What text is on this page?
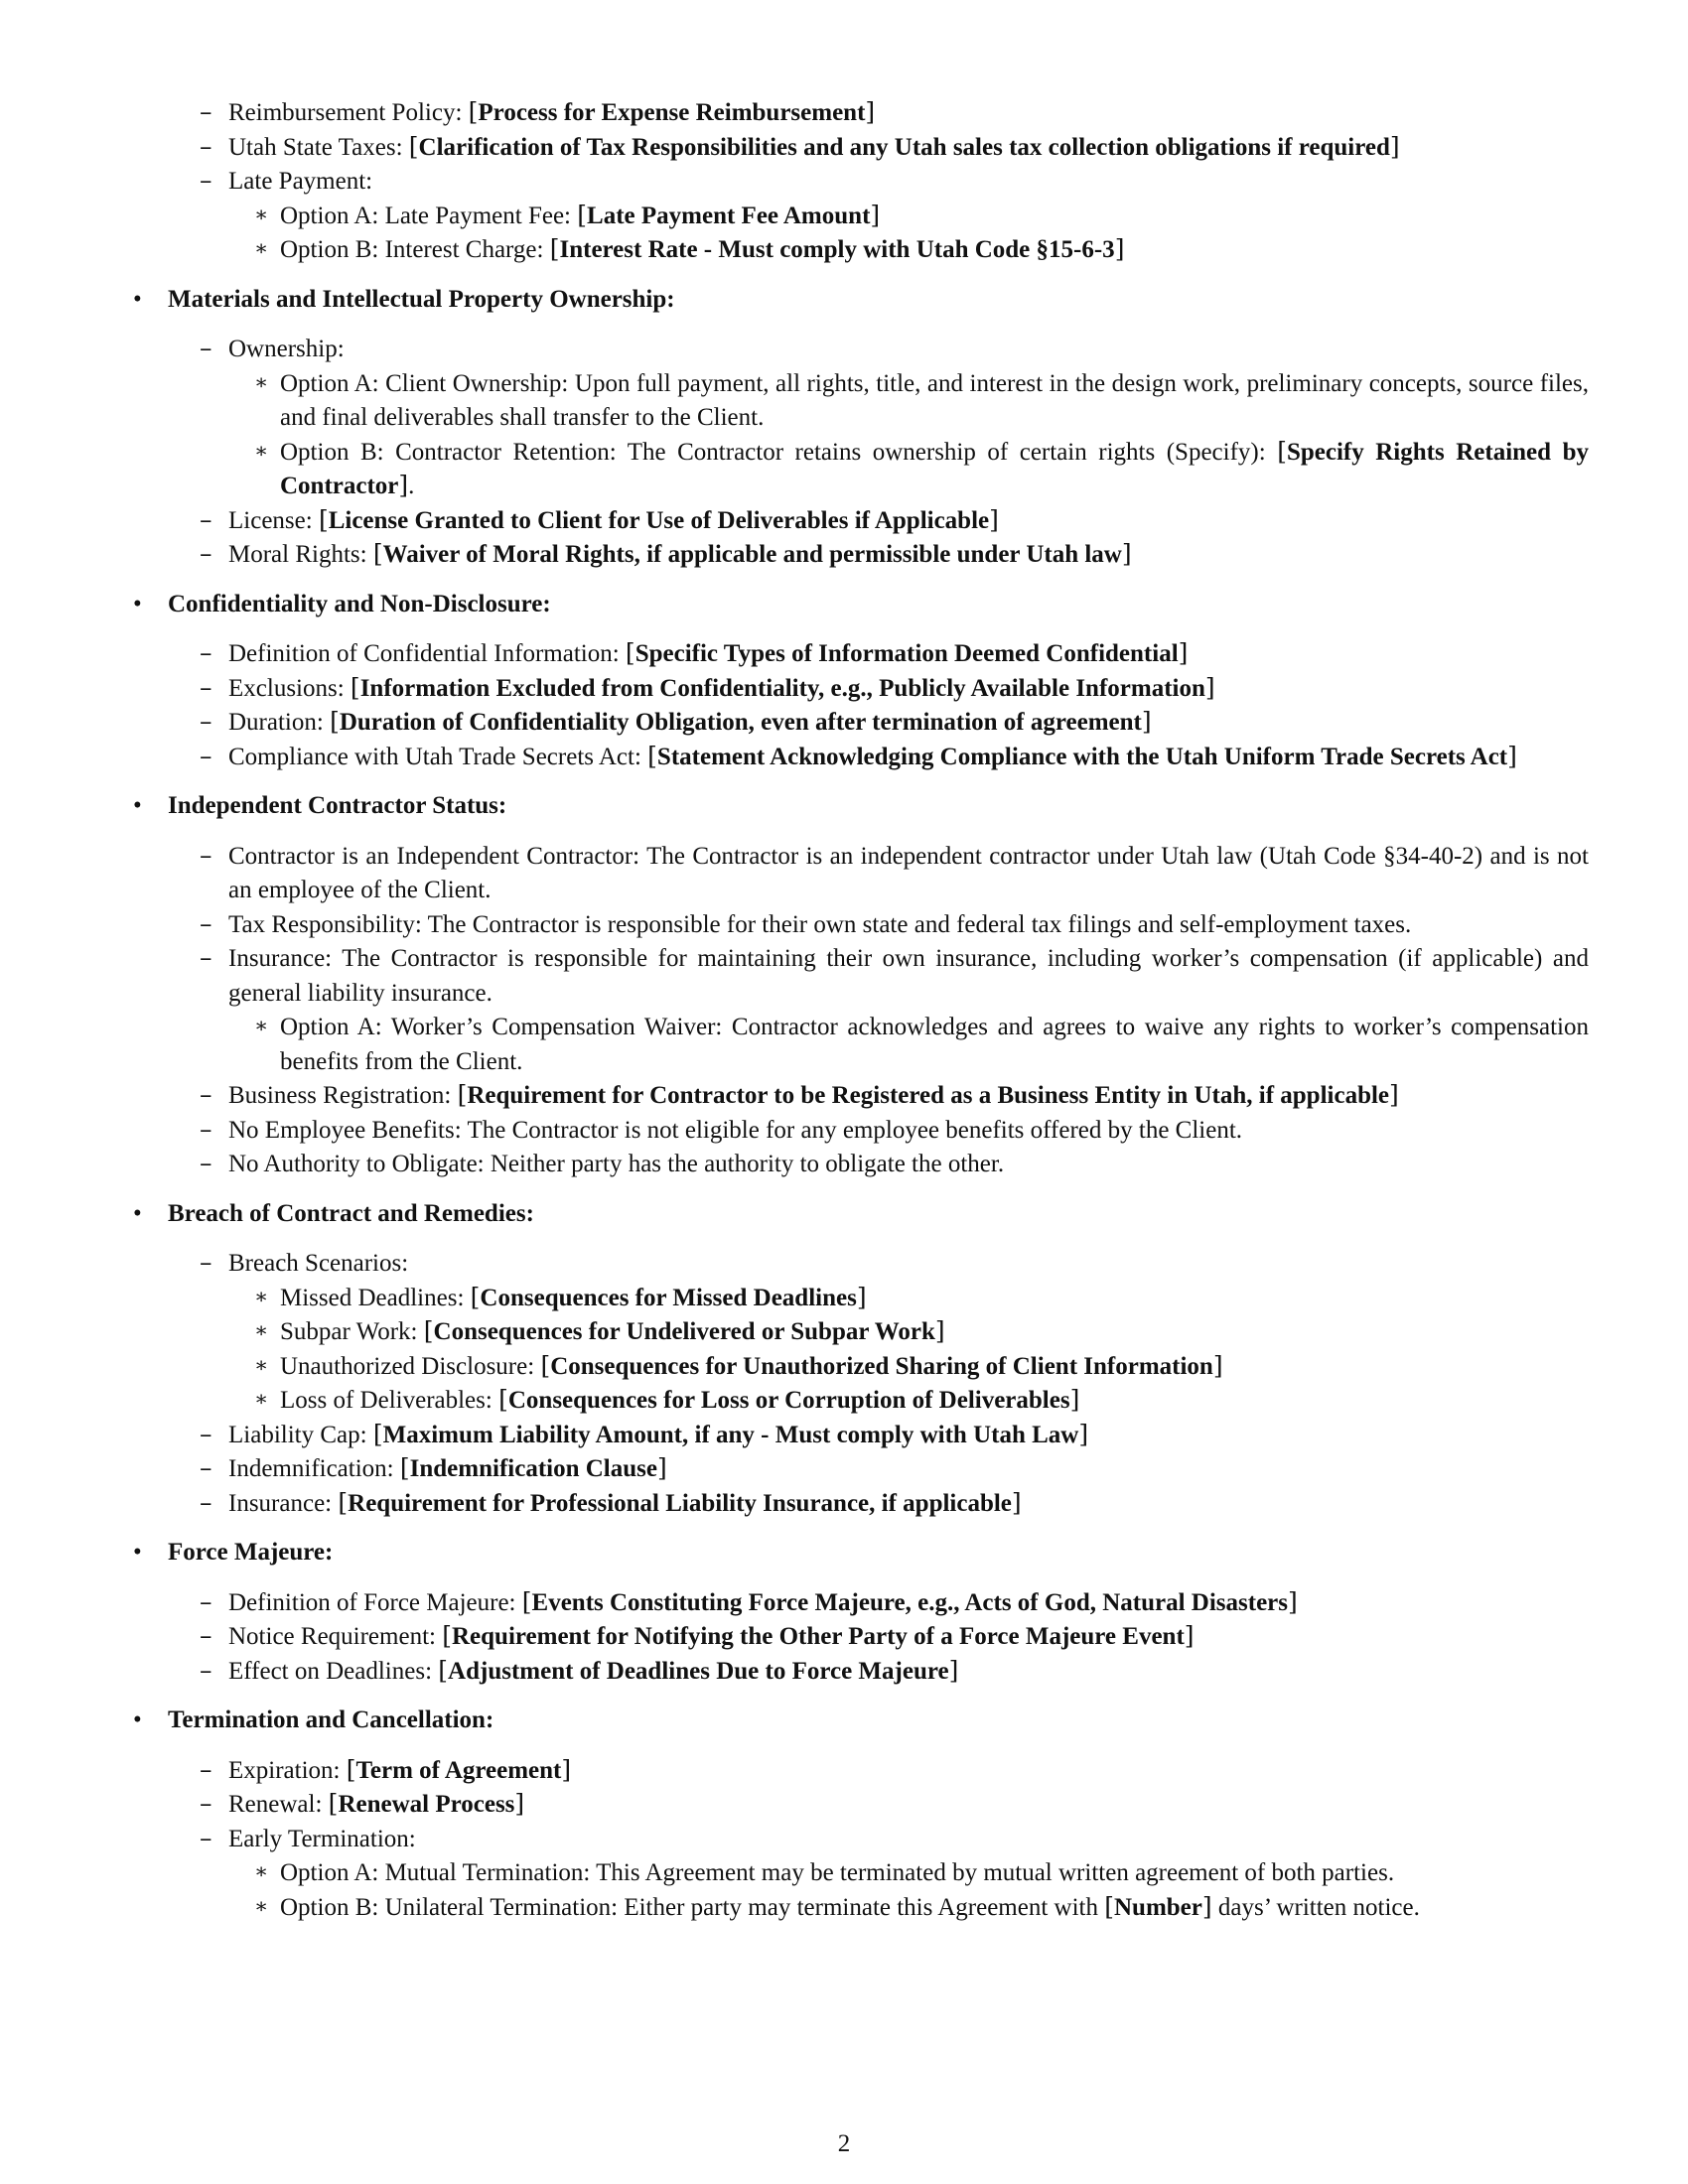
– Reimbursement Policy: [Process for Expense Reimbursement]
– Utah State Taxes: [Clarification of Tax Responsibilities and any Utah sales tax collection obligations if required]
– Late Payment:
∗ Option A: Late Payment Fee: [Late Payment Fee Amount]
∗ Option B: Interest Charge: [Interest Rate - Must comply with Utah Code §15-6-3]
• Materials and Intellectual Property Ownership:
– Ownership:
∗ Option A: Client Ownership: Upon full payment, all rights, title, and interest in the design work, preliminary concepts, source files, and final deliverables shall transfer to the Client.
∗ Option B: Contractor Retention: The Contractor retains ownership of certain rights (Specify): [Specify Rights Retained by Contractor].
– License: [License Granted to Client for Use of Deliverables if Applicable]
– Moral Rights: [Waiver of Moral Rights, if applicable and permissible under Utah law]
• Confidentiality and Non-Disclosure:
– Definition of Confidential Information: [Specific Types of Information Deemed Confidential]
– Exclusions: [Information Excluded from Confidentiality, e.g., Publicly Available Information]
– Duration: [Duration of Confidentiality Obligation, even after termination of agreement]
– Compliance with Utah Trade Secrets Act: [Statement Acknowledging Compliance with the Utah Uniform Trade Secrets Act]
• Independent Contractor Status:
– Contractor is an Independent Contractor: The Contractor is an independent contractor under Utah law (Utah Code §34-40-2) and is not an employee of the Client.
– Tax Responsibility: The Contractor is responsible for their own state and federal tax filings and self-employment taxes.
– Insurance: The Contractor is responsible for maintaining their own insurance, including worker’s compensation (if applicable) and general liability insurance.
∗ Option A: Worker’s Compensation Waiver: Contractor acknowledges and agrees to waive any rights to worker’s compensation benefits from the Client.
– Business Registration: [Requirement for Contractor to be Registered as a Business Entity in Utah, if applicable]
– No Employee Benefits: The Contractor is not eligible for any employee benefits offered by the Client.
– No Authority to Obligate: Neither party has the authority to obligate the other.
• Breach of Contract and Remedies:
– Breach Scenarios:
∗ Missed Deadlines: [Consequences for Missed Deadlines]
∗ Subpar Work: [Consequences for Undelivered or Subpar Work]
∗ Unauthorized Disclosure: [Consequences for Unauthorized Sharing of Client Information]
∗ Loss of Deliverables: [Consequences for Loss or Corruption of Deliverables]
– Liability Cap: [Maximum Liability Amount, if any - Must comply with Utah Law]
– Indemnification: [Indemnification Clause]
– Insurance: [Requirement for Professional Liability Insurance, if applicable]
• Force Majeure:
– Definition of Force Majeure: [Events Constituting Force Majeure, e.g., Acts of God, Natural Disasters]
– Notice Requirement: [Requirement for Notifying the Other Party of a Force Majeure Event]
– Effect on Deadlines: [Adjustment of Deadlines Due to Force Majeure]
• Termination and Cancellation:
– Expiration: [Term of Agreement]
– Renewal: [Renewal Process]
– Early Termination:
∗ Option A: Mutual Termination: This Agreement may be terminated by mutual written agreement of both parties.
∗ Option B: Unilateral Termination: Either party may terminate this Agreement with [Number] days’ written notice.
2
